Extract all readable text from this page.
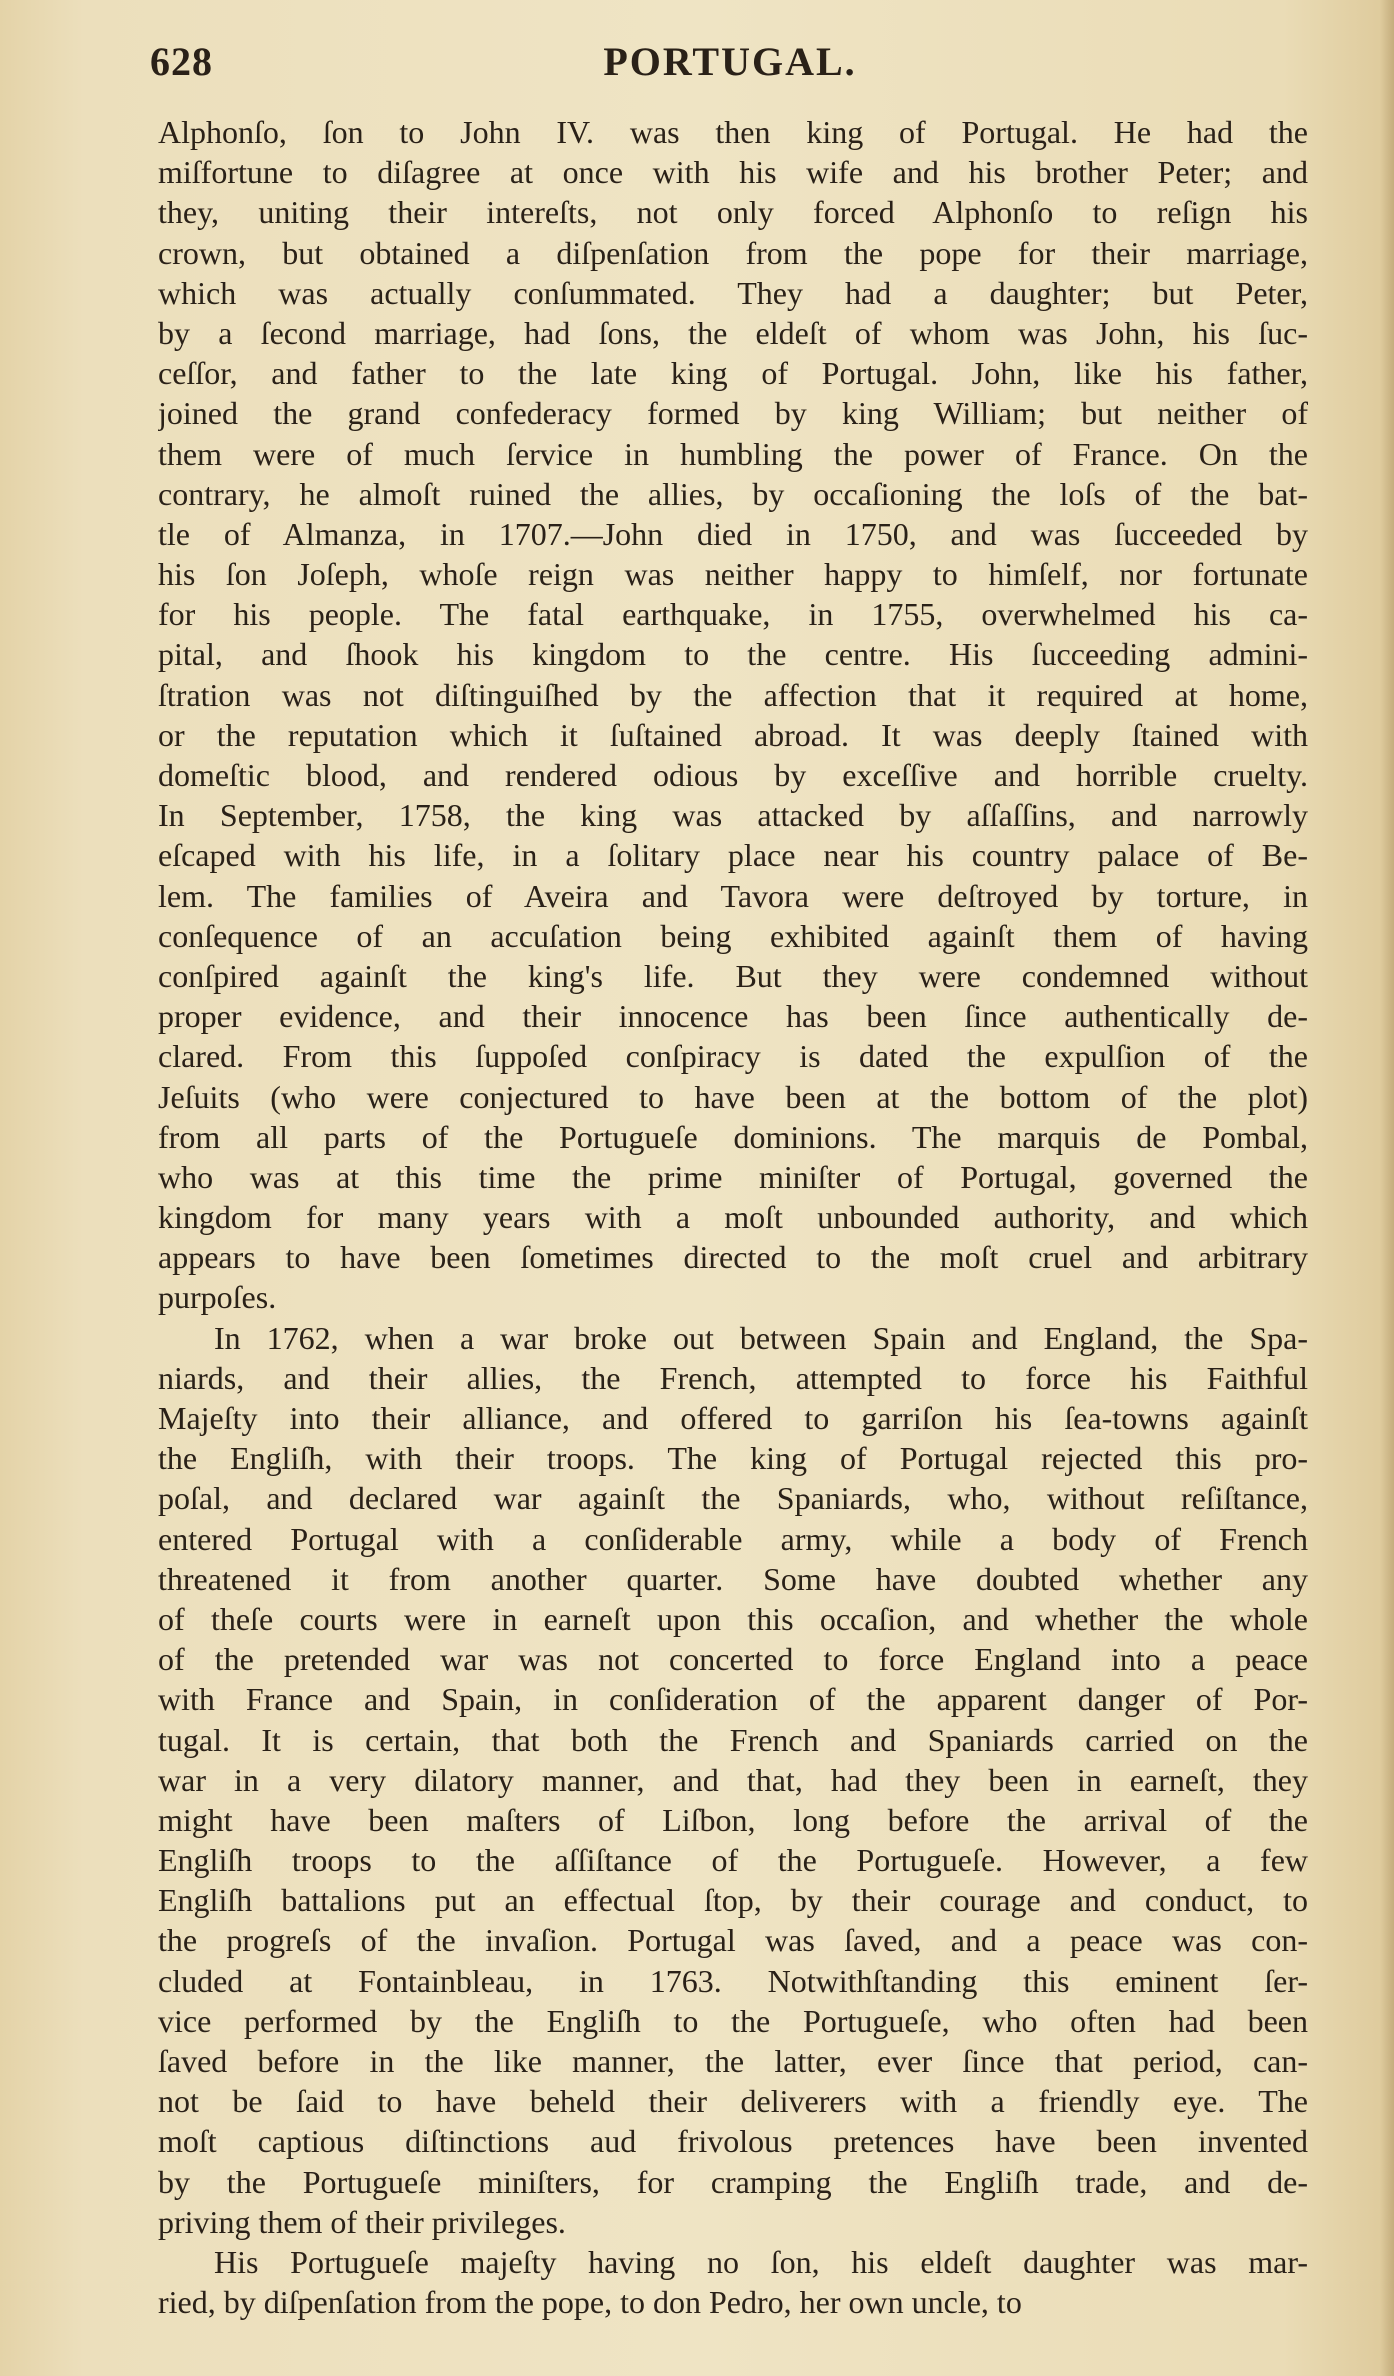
628	PORTUGAL.
Alphonſo, ſon to John IV. was then king of Portugal. He had the
miſfortune to diſagree at once with his wife and his brother Peter; and
they, uniting their intereſts, not only forced Alphonſo to reſign his
crown, but obtained a diſpenſation from the pope for their marriage,
which was actually conſummated. They had a daughter; but Peter,
by a ſecond marriage, had ſons, the eldeſt of whom was John, his ſuc-
ceſſor, and father to the late king of Portugal. John, like his father,
joined the grand confederacy formed by king William; but neither of
them were of much ſervice in humbling the power of France. On the
contrary, he almoſt ruined the allies, by occaſioning the loſs of the bat-
tle of Almanza, in 1707.—John died in 1750, and was ſucceeded by
his ſon Joſeph, whoſe reign was neither happy to himſelf, nor fortunate
for his people. The fatal earthquake, in 1755, overwhelmed his ca-
pital, and ſhook his kingdom to the centre. His ſucceeding admini-
ſtration was not diſtinguiſhed by the affection that it required at home,
or the reputation which it ſuſtained abroad. It was deeply ſtained with
domeſtic blood, and rendered odious by exceſſive and horrible cruelty.
In September, 1758, the king was attacked by aſſaſſins, and narrowly
eſcaped with his life, in a ſolitary place near his country palace of Be-
lem. The families of Aveira and Tavora were deſtroyed by torture, in
conſequence of an accuſation being exhibited againſt them of having
conſpired againſt the king's life. But they were condemned without
proper evidence, and their innocence has been ſince authentically de-
clared. From this ſuppoſed conſpiracy is dated the expulſion of the
Jeſuits (who were conjectured to have been at the bottom of the plot)
from all parts of the Portugueſe dominions. The marquis de Pombal,
who was at this time the prime miniſter of Portugal, governed the
kingdom for many years with a moſt unbounded authority, and which
appears to have been ſometimes directed to the moſt cruel and arbitrary
purpoſes.
In 1762, when a war broke out between Spain and England, the Spa-
niards, and their allies, the French, attempted to force his Faithful
Majeſty into their alliance, and offered to garriſon his ſea-towns againſt
the Engliſh, with their troops. The king of Portugal rejected this pro-
poſal, and declared war againſt the Spaniards, who, without reſiſtance,
entered Portugal with a conſiderable army, while a body of French
threatened it from another quarter. Some have doubted whether any
of theſe courts were in earneſt upon this occaſion, and whether the whole
of the pretended war was not concerted to force England into a peace
with France and Spain, in conſideration of the apparent danger of Por-
tugal. It is certain, that both the French and Spaniards carried on the
war in a very dilatory manner, and that, had they been in earneſt, they
might have been maſters of Liſbon, long before the arrival of the
Engliſh troops to the aſſiſtance of the Portugueſe. However, a few
Engliſh battalions put an effectual ſtop, by their courage and conduct, to
the progreſs of the invaſion. Portugal was ſaved, and a peace was con-
cluded at Fontainbleau, in 1763. Notwithſtanding this eminent ſer-
vice performed by the Engliſh to the Portugueſe, who often had been
ſaved before in the like manner, the latter, ever ſince that period, can-
not be ſaid to have beheld their deliverers with a friendly eye. The
moſt captious diſtinctions aud frivolous pretences have been invented
by the Portugueſe miniſters, for cramping the Engliſh trade, and de-
priving them of their privileges.
His Portugueſe majeſty having no ſon, his eldeſt daughter was mar-
ried, by diſpenſation from the pope, to don Pedro, her own uncle, to
